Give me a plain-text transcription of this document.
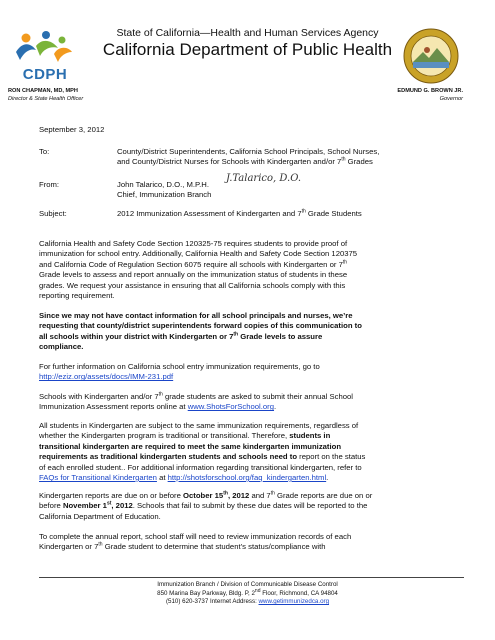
CDPH
State of California—Health and Human Services Agency
California Department of Public Health
RON CHAPMAN, MD, MPH
Director & State Health Officer
EDMUND G. BROWN JR.
Governor
September 3, 2012
To:	County/District Superintendents, California School Principals, School Nurses,
and County/District Nurses for Schools with Kindergarten and/or 7th Grades
From:	John Talarico, D.O., M.P.H.
Chief, Immunization Branch
J.Talarico, D.O.
Subject:	2012 Immunization Assessment of Kindergarten and 7th Grade Students

California Health and Safety Code Section 120325-75 requires students to provide proof of
immunization for school entry. Additionally, California Health and Safety Code Section 120375
and California Code of Regulation Section 6075 require all schools with Kindergarten or 7th
Grade levels to assess and report annually on the immunization status of students in these
grades. We request your assistance in ensuring that all California schools comply with this
reporting requirement.

Since we may not have contact information for all school principals and nurses, we’re
requesting that county/district superintendents forward copies of this communication to
all schools within your district with Kindergarten or 7th Grade levels to assure
compliance.

For further information on California school entry immunization requirements, go to
http://eziz.org/assets/docs/IMM-231.pdf

Schools with Kindergarten and/or 7th grade students are asked to submit their annual School
Immunization Assessment reports online at www.ShotsForSchool.org.

All students in Kindergarten are subject to the same immunization requirements, regardless of
whether the Kindergarten program is traditional or transitional. Therefore, students in
transitional kindergarten are required to meet the same kindergarten immunization
requirements as traditional kindergarten students and schools need to report on the status
of each enrolled student.. For additional information regarding transitional kindergarten, refer to
FAQs for Transitional Kindergarten at http://shotsforschool.org/faq_kindergarten.html.

Kindergarten reports are due on or before October 15th, 2012 and 7th Grade reports are due on or
before November 1st, 2012. Schools that fail to submit by these due dates will be reported to the
California Department of Education.

To complete the annual report, school staff will need to review immunization records of each
Kindergarten or 7th Grade student to determine that student’s status/compliance with

Immunization Branch / Division of Communicable Disease Control
850 Marina Bay Parkway, Bldg. P, 2nd Floor, Richmond, CA 94804
(510) 620-3737 Internet Address: www.getimmunizedca.org
